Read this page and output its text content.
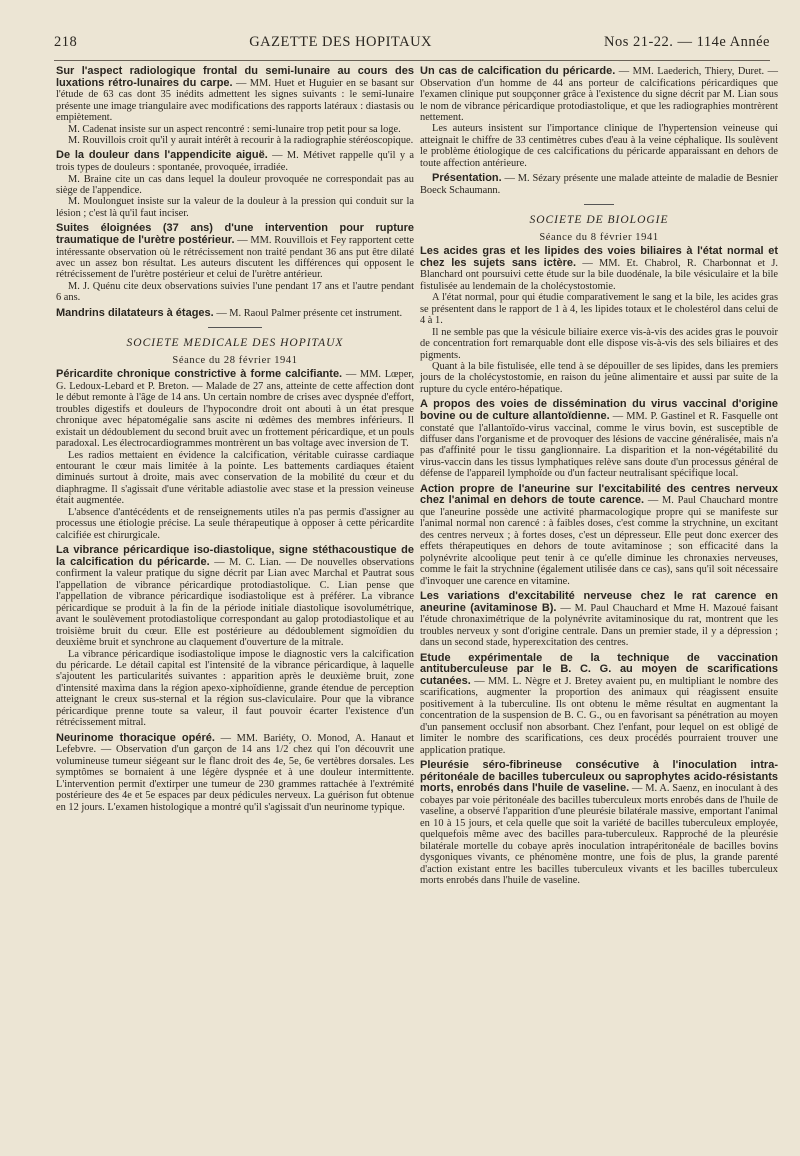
218	GAZETTE DES HOPITAUX	Nos 21-22. — 114e Année

Sur l'aspect radiologique frontal du semi-lunaire au cours des luxations rétro-lunaires du carpe. — MM. Huet et Huguier en se basant sur l'étude de 63 cas dont 35 inédits admettent les signes suivants : le semi-lunaire présente une image triangulaire avec modifications des rapports latéraux : diastasis ou empiètement.

M. Cadenat insiste sur un aspect rencontré : semi-lunaire trop petit pour sa loge.

M. Rouvillois croit qu'il y aurait intérêt à recourir à la radiographie stéréoscopique.

De la douleur dans l'appendicite aiguë. — M. Métivet rappelle qu'il y a trois types de douleurs : spontanée, provoquée, irradiée.

M. Braine cite un cas dans lequel la douleur provoquée ne correspondait pas au siège de l'appendice.

M. Moulonguet insiste sur la valeur de la douleur à la pression qui conduit sur la lésion ; c'est là qu'il faut inciser.

Suites éloignées (37 ans) d'une intervention pour rupture traumatique de l'urètre postérieur. — MM. Rouvillois et Fey rapportent cette intéressante observation où le rétrécissement non traité pendant 36 ans put être dilaté avec un assez bon résultat. Les auteurs discutent les différences qui opposent le rétrécissement de l'urètre postérieur et celui de l'urètre antérieur.

M. J. Quénu cite deux observations suivies l'une pendant 17 ans et l'autre pendant 6 ans.

Mandrins dilatateurs à étages. — M. Raoul Palmer présente cet instrument.

SOCIETE MEDICALE DES HOPITAUX
Séance du 28 février 1941

Péricardite chronique constrictive à forme calcifiante. — MM. Lœper, G. Ledoux-Lebard et P. Breton. — Malade de 27 ans, atteinte de cette affection dont le début remonte à l'âge de 14 ans. Un certain nombre de crises avec dyspnée d'effort, troubles digestifs et douleurs de l'hypocondre droit ont abouti à un état presque chronique avec hépatomégalie sans ascite ni œdèmes des membres inférieurs. Il existait un dédoublement du second bruit avec un frottement péricardique, et un pouls paradoxal. Les électrocardiogrammes montrèrent un bas voltage avec inversion de T.

Les radios mettaient en évidence la calcification, véritable cuirasse cardiaque entourant le cœur mais limitée à la pointe. Les battements cardiaques étaient diminués surtout à droite, mais avec conservation de la mobilité du cœur et du diaphragme. Il s'agissait d'une véritable adiastolie avec stase et la pression veineuse était augmentée.

L'absence d'antécédents et de renseignements utiles n'a pas permis d'assigner au processus une étiologie précise. La seule thérapeutique à opposer à cette péricardite calcifiée est chirurgicale.

La vibrance péricardique iso-diastolique, signe stéthacoustique de la calcification du péricarde. — M. C. Lian. — De nouvelles observations confirment la valeur pratique du signe décrit par Lian avec Marchal et Pautrat sous l'appellation de vibrance péricardique protodiastolique. C. Lian pense que l'appellation de vibrance péricardique isodiastolique est à préférer. La vibrance péricardique se produit à la fin de la période initiale diastolique isovolumétrique, avant le soulèvement protodiastolique correspondant au galop protodiastolique et au troisième bruit du cœur. Elle est postérieure au dédoublement sigmoïdien du deuxième bruit et synchrone au claquement d'ouverture de la mitrale.

La vibrance péricardique isodiastolique impose le diagnostic vers la calcification du péricarde. Le détail capital est l'intensité de la vibrance péricardique, à laquelle s'ajoutent les particularités suivantes : apparition après le deuxième bruit, zone d'intensité maxima dans la région apexo-xiphoïdienne, grande étendue de perception atteignant le creux sus-sternal et la région sus-claviculaire. Pour que la vibrance péricardique prenne toute sa valeur, il faut pouvoir écarter l'existence d'un rétrécissement mitral.

Neurinome thoracique opéré. — MM. Bariéty, O. Monod, A. Hanaut et Lefebvre. — Observation d'un garçon de 14 ans 1/2 chez qui l'on découvrit une volumineuse tumeur siégeant sur le flanc droit des 4e, 5e, 6e vertèbres dorsales. Les symptômes se bornaient à une légère dyspnée et à une douleur intermittente. L'intervention permit d'extirper une tumeur de 230 grammes rattachée à l'extrémité postérieure des 4e et 5e espaces par deux pédicules nerveux. La guérison fut obtenue en 12 jours. L'examen histologique a montré qu'il s'agissait d'un neurinome typique.

Un cas de calcification du péricarde. — MM. Laederich, Thiery, Duret. — Observation d'un homme de 44 ans porteur de calcifications péricardiques que l'examen clinique put soupçonner grâce à l'existence du signe décrit par M. Lian sous le nom de vibrance péricardique protodiastolique, et que les radiographies montrèrent nettement.

Les auteurs insistent sur l'importance clinique de l'hypertension veineuse qui atteignait le chiffre de 33 centimètres cubes d'eau à la veine céphalique. Ils soulèvent le problème étiologique de ces calcifications du péricarde apparaissant en dehors de toute affection antérieure.

Présentation. — M. Sézary présente une malade atteinte de maladie de Besnier Boeck Schaumann.

SOCIETE DE BIOLOGIE
Séance du 8 février 1941

Les acides gras et les lipides des voies biliaires à l'état normal et chez les sujets sans ictère. — MM. Et. Chabrol, R. Charbonnat et J. Blanchard ont poursuivi cette étude sur la bile duodénale, la bile vésiculaire et la bile fistulisée au lendemain de la cholécystostomie.

A l'état normal, pour qui étudie comparativement le sang et la bile, les acides gras se présentent dans le rapport de 1 à 4, les lipides totaux et le cholestérol dans celui de 4 à 1.

Il ne semble pas que la vésicule biliaire exerce vis-à-vis des acides gras le pouvoir de concentration fort remarquable dont elle dispose vis-à-vis des sels biliaires et des pigments.

Quant à la bile fistulisée, elle tend à se dépouiller de ses lipides, dans les premiers jours de la cholécystostomie, en raison du jeûne alimentaire et aussi par suite de la rupture du cycle entéro-hépatique.

A propos des voies de dissémination du virus vaccinal d'origine bovine ou de culture allantoïdienne. — MM. P. Gastinel et R. Fasquelle ont constaté que l'allantoïdo-virus vaccinal, comme le virus bovin, est susceptible de diffuser dans l'organisme et de provoquer des lésions de vaccine généralisée, mais n'a pas d'affinité pour le tissu ganglionnaire. La disparition et la non-végétabilité du virus-vaccin dans les tissus lymphatiques relève sans doute d'un processus général de défense de l'appareil lymphoïde ou d'un facteur neutralisant spécifique local.

Action propre de l'aneurine sur l'excitabilité des centres nerveux chez l'animal en dehors de toute carence. — M. Paul Chauchard montre que l'aneurine possède une activité pharmacologique propre qui se manifeste sur l'animal normal non carencé : à faibles doses, c'est comme la strychnine, un excitant des centres nerveux ; à fortes doses, c'est un dépresseur. Elle peut donc exercer des effets thérapeutiques en dehors de toute avitaminose ; son efficacité dans la polynévrite alcoolique peut tenir à ce qu'elle diminue les chronaxies nerveuses, comme le fait la strychnine (également utilisée dans ce cas), sans qu'il soit nécessaire d'invoquer une carence en vitamine.

Les variations d'excitabilité nerveuse chez le rat carence en aneurine (avitaminose B). — M. Paul Chauchard et Mme H. Mazoué faisant l'étude chronaximétrique de la polynévrite avitaminosique du rat, montrent que les troubles nerveux y sont d'origine centrale. Dans un premier stade, il y a dépression ; dans un second stade, hyperexcitation des centres.

Etude expérimentale de la technique de vaccination antituberculeuse par le B. C. G. au moyen de scarifications cutanées. — MM. L. Nègre et J. Bretey avaient pu, en multipliant le nombre des scarifications, augmenter la proportion des animaux qui réagissent ensuite positivement à la tuberculine. Ils ont obtenu le même résultat en augmentant la concentration de la suspension de B. C. G., ou en favorisant sa pénétration au moyen d'un pansement occlusif non absorbant. Chez l'enfant, pour lequel on est obligé de limiter le nombre des scarifications, ces deux procédés pourraient trouver une application pratique.

Pleurésie séro-fibrineuse consécutive à l'inoculation intra-péritonéale de bacilles tuberculeux ou saprophytes acido-résistants morts, enrobés dans l'huile de vaseline. — M. A. Saenz, en inoculant à des cobayes par voie péritonéale des bacilles tuberculeux morts enrobés dans de l'huile de vaseline, a observé l'apparition d'une pleurésie bilatérale massive, emportant l'animal en 10 à 15 jours, et cela quelle que soit la variété de bacilles tuberculeux employée, quelquefois même avec des bacilles para-tuberculeux. Rapproché de la pleurésie bilatérale mortelle du cobaye après inoculation intrapéritonéale de bacilles bovins dysgoniques vivants, ce phénomène montre, une fois de plus, la grande parenté d'action existant entre les bacilles tuberculeux vivants et les bacilles tuberculeux morts enrobés dans l'huile de vaseline.
